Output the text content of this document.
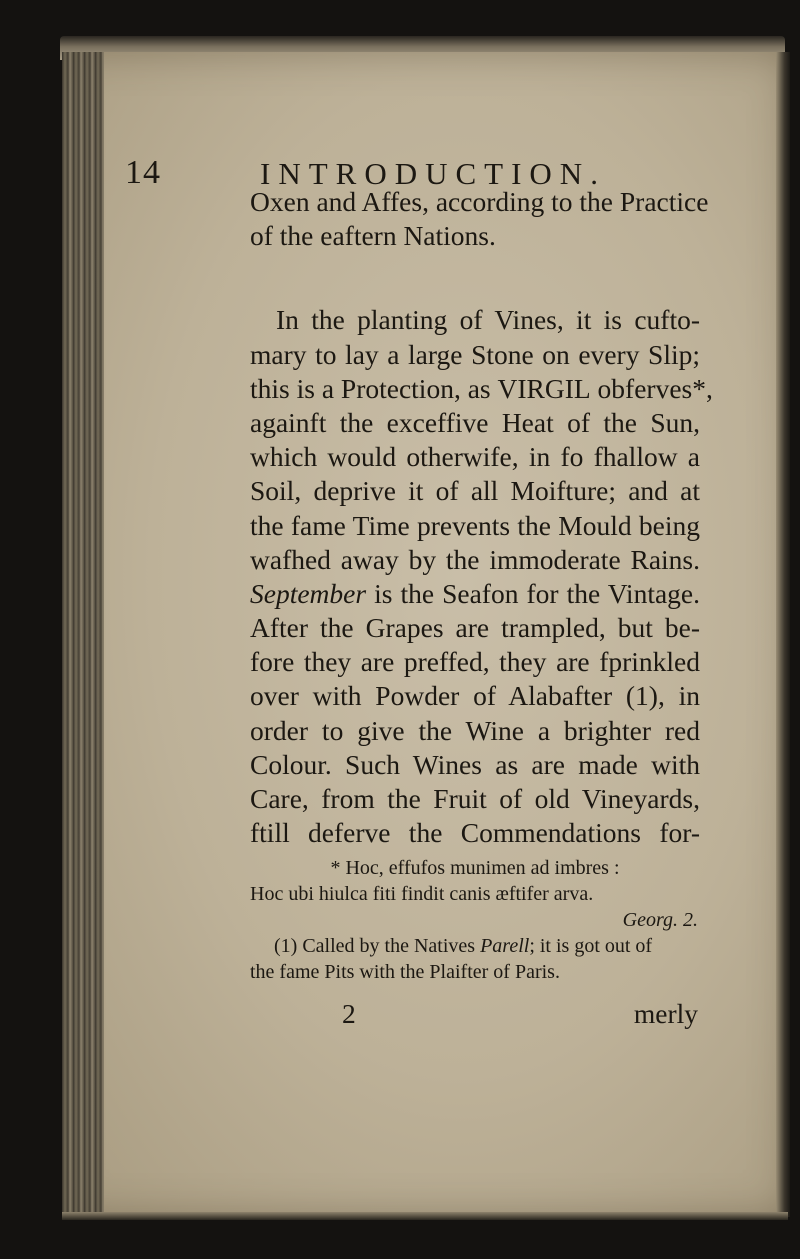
14	INTRODUCTION.
Oxen and Affes, according to the Practice
of the eaftern Nations.
In the planting of Vines, it is cufto-
mary to lay a large Stone on every Slip;
this is a Protection, as VIRGIL obferves*,
againft the exceffive Heat of the Sun,
which would otherwife, in fo fhallow a
Soil, deprive it of all Moifture; and at
the fame Time prevents the Mould being
wafhed away by the immoderate Rains.
September is the Seafon for the Vintage.
After the Grapes are trampled, but be-
fore they are preffed, they are fprinkled
over with Powder of Alabafter (1), in
order to give the Wine a brighter red
Colour. Such Wines as are made with
Care, from the Fruit of old Vineyards,
ftill deferve the Commendations for-
* Hoc, effufos munimen ad imbres :
Hoc ubi hiulca fiti findit canis æftifer arva.
Georg. 2.
(1) Called by the Natives Parell; it is got out of
the fame Pits with the Plaifter of Paris.
2	merly
